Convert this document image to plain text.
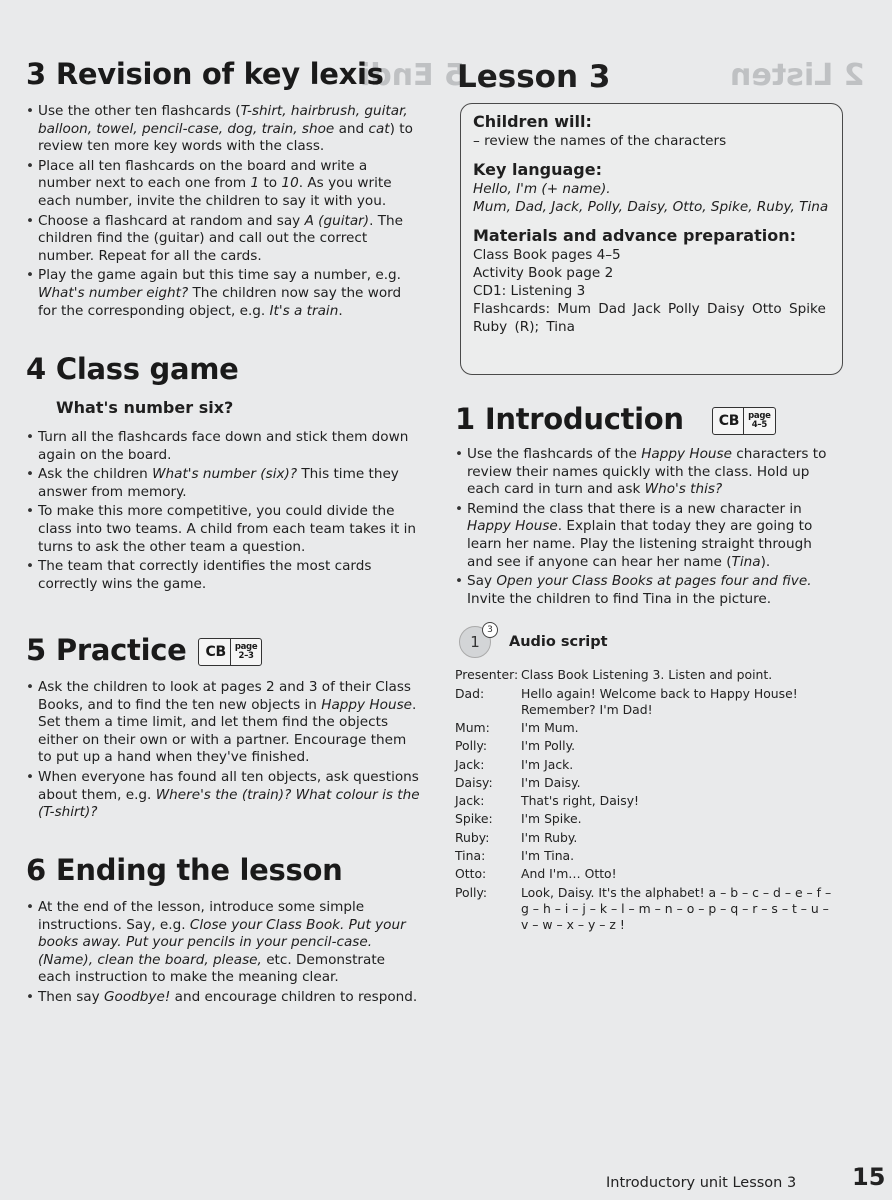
5 Endi	2 Listen
3 Revision of key lexis
• Use the other ten flashcards (T-shirt, hairbrush, guitar, balloon, towel, pencil-case, dog, train, shoe and cat) to review ten more key words with the class.
• Place all ten flashcards on the board and write a number next to each one from 1 to 10. As you write each number, invite the children to say it with you.
• Choose a flashcard at random and say A (guitar). The children find the (guitar) and call out the correct number. Repeat for all the cards.
• Play the game again but this time say a number, e.g. What's number eight? The children now say the word for the corresponding object, e.g. It's a train.
4 Class game
What's number six?
• Turn all the flashcards face down and stick them down again on the board.
• Ask the children What's number (six)? This time they answer from memory.
• To make this more competitive, you could divide the class into two teams. A child from each team takes it in turns to ask the other team a question.
• The team that correctly identifies the most cards correctly wins the game.
5 Practice	CB	page
2–3
• Ask the children to look at pages 2 and 3 of their Class Books, and to find the ten new objects in Happy House. Set them a time limit, and let them find the objects either on their own or with a partner. Encourage them to put up a hand when they've finished.
• When everyone has found all ten objects, ask questions about them, e.g. Where's the (train)? What colour is the (T-shirt)?
6 Ending the lesson
• At the end of the lesson, introduce some simple instructions. Say, e.g. Close your Class Book. Put your books away. Put your pencils in your pencil-case. (Name), clean the board, please, etc. Demonstrate each instruction to make the meaning clear.
• Then say Goodbye! and encourage children to respond.
Lesson 3
Children will:

– review the names of the characters

Key language:

Hello, I'm (+ name).

Mum, Dad, Jack, Polly, Daisy, Otto, Spike, Ruby, Tina

Materials and advance preparation:

Class Book pages 4–5

Activity Book page 2

CD1: Listening 3

Flashcards: Mum Dad Jack Polly Daisy Otto Spike Ruby (R); Tina

1 Introduction	CB	page
4–5
• Use the flashcards of the Happy House characters to review their names quickly with the class. Hold up each card in turn and ask Who's this?
• Remind the class that there is a new character in Happy House. Explain that today they are going to learn her name. Play the listening straight through and see if anyone can hear her name (Tina).
• Say Open your Class Books at pages four and five. Invite the children to find Tina in the picture.
1
3
Audio script
Presenter:	Class Book Listening 3. Listen and point.
Dad:	Hello again! Welcome back to Happy House! Remember? I'm Dad!
Mum:	I'm Mum.
Polly:	I'm Polly.
Jack:	I'm Jack.
Daisy:	I'm Daisy.
Jack:	That's right, Daisy!
Spike:	I'm Spike.
Ruby:	I'm Ruby.
Tina:	I'm Tina.
Otto:	And I'm… Otto!
Polly:	Look, Daisy. It's the alphabet! a – b – c – d – e – f – g – h – i – j – k – l – m – n – o – p – q – r – s – t – u – v – w – x – y – z !
Introductory unit Lesson 3 15
